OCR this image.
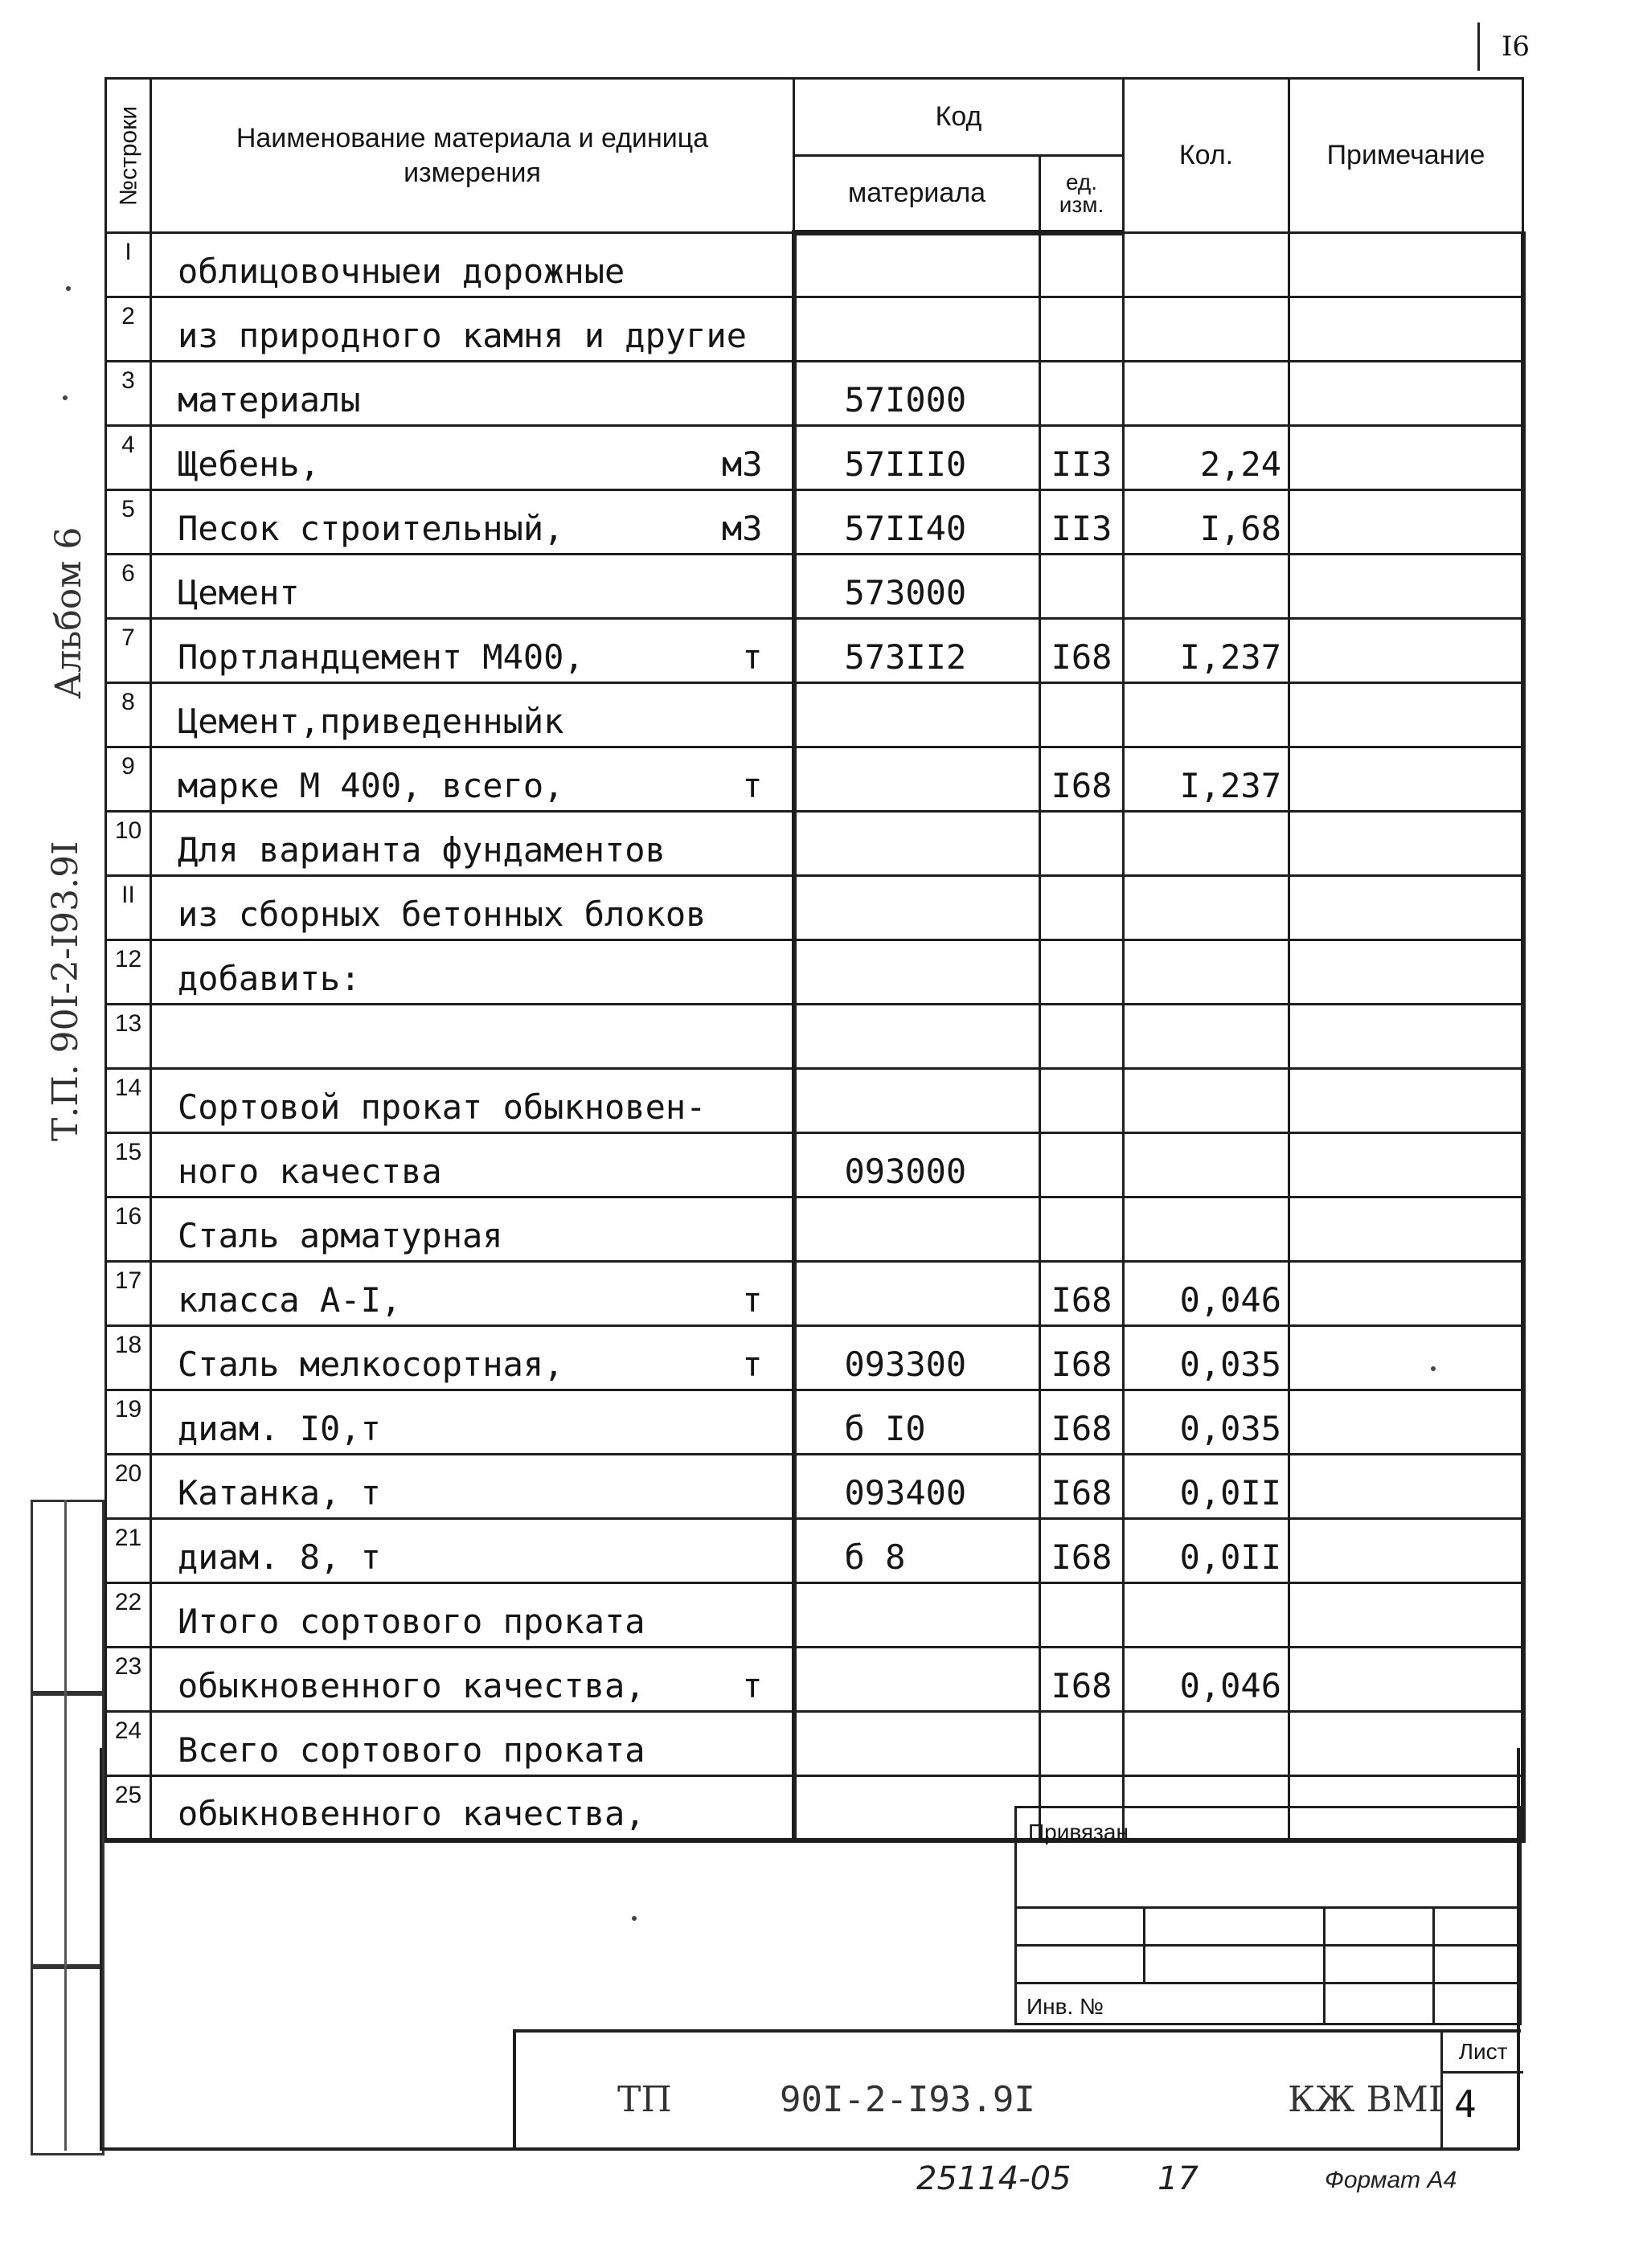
I6
Альбом 6
Т.П. 90I-2-I93.9I
№строки	Наименование материала и единица измерения	Код		Кол.	Примечание
		материала	ед. изм.		
I	облицовочныеи дорожные				

2	из природного камня и другие				

3	материалы	57I000			
4	Щебень, м3	57III0	II3	2,24	
5	Песок строительный, м3	57II40	II3	I,68	
6	Цемент	573000			
7	Портландцемент М400, т	573II2	I68	I,237	
8	Цемент,приведенныйк				

9	марке М 400, всего, т		I68	I,237	
10	Для варианта фундаментов				

II	из сборных бетонных блоков				

12	добавить:				

13	

14	Сортовой прокат обыкновен-				

15	ного качества	093000			
16	Сталь арматурная				

17	класса А-I, т		I68	0,046	
18	Сталь мелкосортная, т	093300	I68	0,035	
19	диам. I0,т	б I0	I68	0,035	
20	Катанка, т	093400	I68	0,0II	
21	диам. 8, т	б 8	I68	0,0II	
22	Итого сортового проката				

23	обыкновенного качества, т		I68	0,046	
24	Всего сортового проката				

25	обыкновенного качества,				
					Привязан			

Инв. №			
ТП	90I-2-I93.9I	КЖ ВМI
Лист
4
25114-05	17	Формат А4
